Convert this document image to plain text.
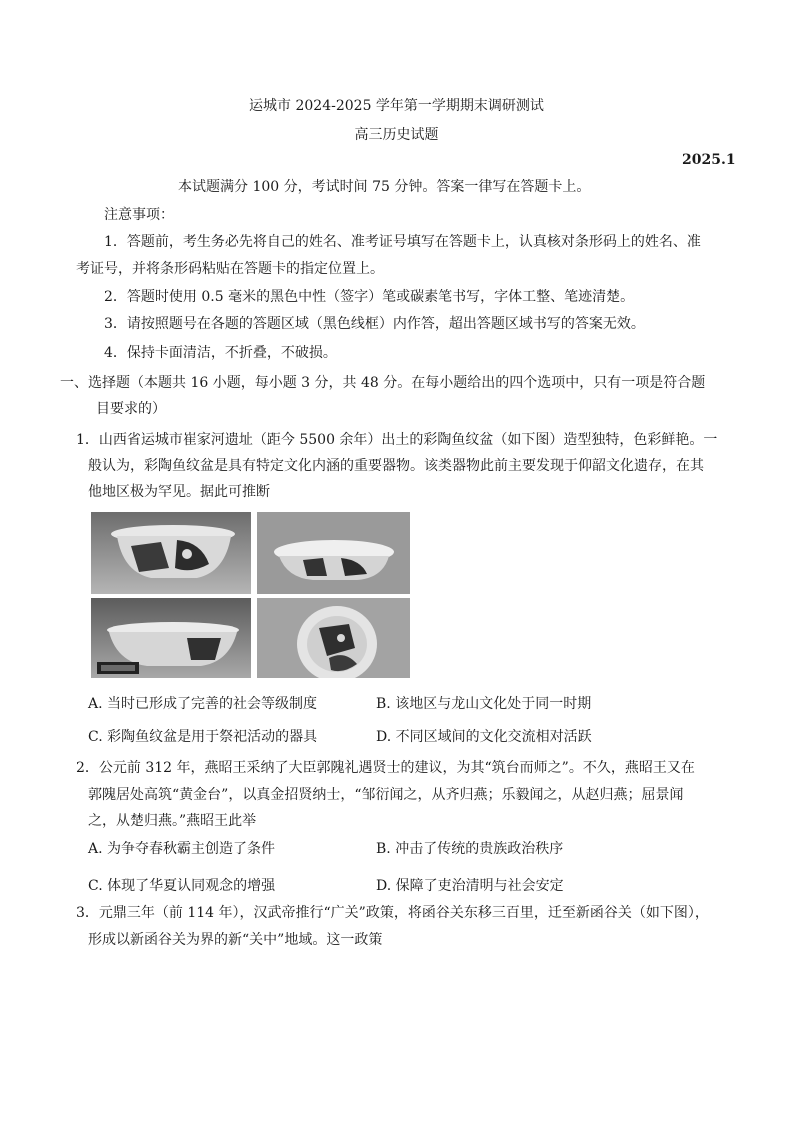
运城市 2024-2025 学年第一学期期末调研测试
高三历史试题
2025.1
本试题满分 100 分，考试时间 75 分钟。答案一律写在答题卡上。
注意事项：
1．答题前，考生务必先将自己的姓名、准考证号填写在答题卡上，认真核对条形码上的姓名、准
考证号，并将条形码粘贴在答题卡的指定位置上。
2．答题时使用 0.5 毫米的黑色中性（签字）笔或碳素笔书写，字体工整、笔迹清楚。
3．请按照题号在各题的答题区域（黑色线框）内作答，超出答题区域书写的答案无效。
4．保持卡面清洁，不折叠，不破损。
一、选择题（本题共 16 小题，每小题 3 分，共 48 分。在每小题给出的四个选项中，只有一项是符合题
目要求的）
1．山西省运城市崔家河遗址（距今 5500 余年）出土的彩陶鱼纹盆（如下图）造型独特，色彩鲜艳。一
般认为，彩陶鱼纹盆是具有特定文化内涵的重要器物。该类器物此前主要发现于仰韶文化遗存，在其
他地区极为罕见。据此可推断
A. 当时已形成了完善的社会等级制度	B. 该地区与龙山文化处于同一时期
C. 彩陶鱼纹盆是用于祭祀活动的器具	D. 不同区域间的文化交流相对活跃
2．公元前 312 年，燕昭王采纳了大臣郭隗礼遇贤士的建议，为其“筑台而师之”。不久，燕昭王又在
郭隗居处高筑“黄金台”，以真金招贤纳士，“邹衍闻之，从齐归燕；乐毅闻之，从赵归燕；屈景闻
之，从楚归燕。”燕昭王此举
A. 为争夺春秋霸主创造了条件	B. 冲击了传统的贵族政治秩序
C. 体现了华夏认同观念的增强	D. 保障了吏治清明与社会安定
3．元鼎三年（前 114 年），汉武帝推行“广关”政策，将函谷关东移三百里，迁至新函谷关（如下图），
形成以新函谷关为界的新“关中”地域。这一政策
